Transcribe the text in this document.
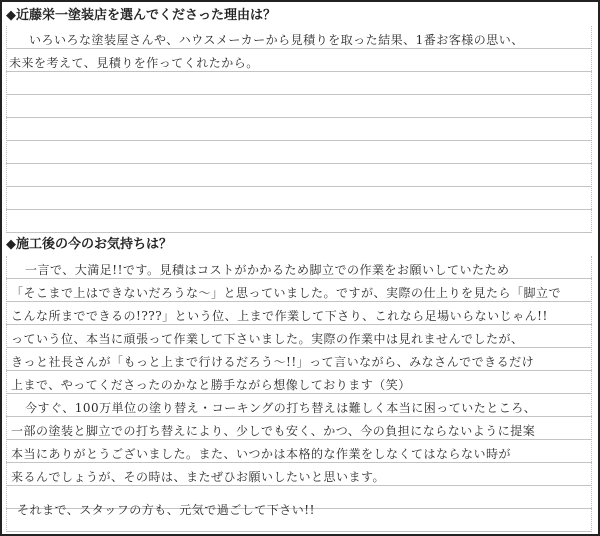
◆近藤栄一塗装店を選んでくださった理由は？
いろいろな塗装屋さんや、ハウスメーカーから見積りを取った結果、1番お客様の思い、
未来を考えて、見積りを作ってくれたから。
◆施工後の今のお気持ちは？
一言で、大満足!!です。見積はコストがかかるため脚立での作業をお願いしていたため
「そこまで上はできないだろうな〜」と思っていました。ですが、実際の仕上りを見たら「脚立で
こんな所までできるの!???」という位、上まで作業して下さり、これなら足場いらないじゃん!!
っていう位、本当に頑張って作業して下さいました。実際の作業中は見れませんでしたが、
きっと社長さんが「もっと上まで行けるだろう〜!!」って言いながら、みなさんでできるだけ
上まで、やってくださったのかなと勝手ながら想像しております（笑）
今すぐ、100万単位の塗り替え・コーキングの打ち替えは難しく本当に困っていたところ、
一部の塗装と脚立での打ち替えにより、少しでも安く、かつ、今の負担にならないように提案
本当にありがとうございました。また、いつかは本格的な作業をしなくてはならない時が
来るんでしょうが、その時は、またぜひお願いしたいと思います。
それまで、スタッフの方も、元気で過ごして下さい!!
